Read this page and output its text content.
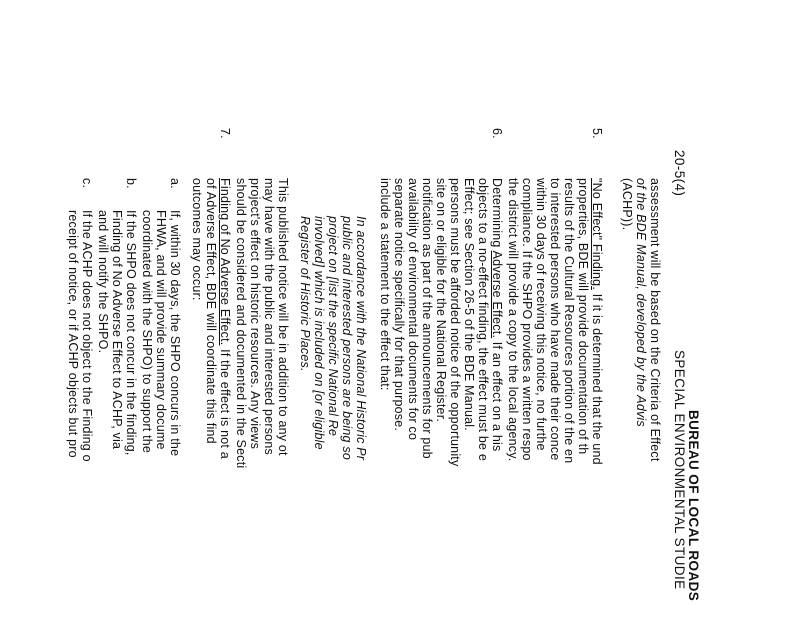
BUREAU OF LOCAL ROADS
20-5(4)
SPECIAL ENVIRONMENTAL STUDIE
assessment will be based on the Criteria of Effect
of the BDE Manual, developed by the Advis
(ACHP)).
5.
"No Effect" Finding. If it is determined that the und
properties, BDE will provide documentation of th
results of the Cultural Resources portion of the en
to interested persons who have made their conce
within 30 days of receiving this notice, no furthe
compliance. If the SHPO provides a written respo
the district will provide a copy to the local agency.
6.
Determining Adverse Effect. If an effect on a his
objects to a no-effect finding, the effect must be e
Effect; see Section 26-5 of the BDE Manual.
persons must be afforded notice of the opportunity
site on or eligible for the National Register.
notification as part of the announcements for pub
availability of environmental documents for co
separate notice specifically for that purpose.
include a statement to the effect that:
In accordance with the National Historic Pr
public and interested persons are being so
project on [list the specific National Re
involved] which is included on [or eligible
Register of Historic Places.
This published notice will be in addition to any ot
may have with the public and interested persons
project's effect on historic resources. Any views
should be considered and documented in the Secti
7.
Finding of No Adverse Effect. If the effect is not a
of Adverse Effect, BDE will coordinate this find
outcomes may occur:
a.
If, within 30 days, the SHPO concurs in the
FHWA, and will provide summary docume
coordinated with the SHPO) to support the
b.
If the SHPO does not concur in the finding,
Finding of No Adverse Effect to ACHP, via
and will notify the SHPO.
c.
If the ACHP does not object to the Finding o
receipt of notice, or if ACHP objects but pro
